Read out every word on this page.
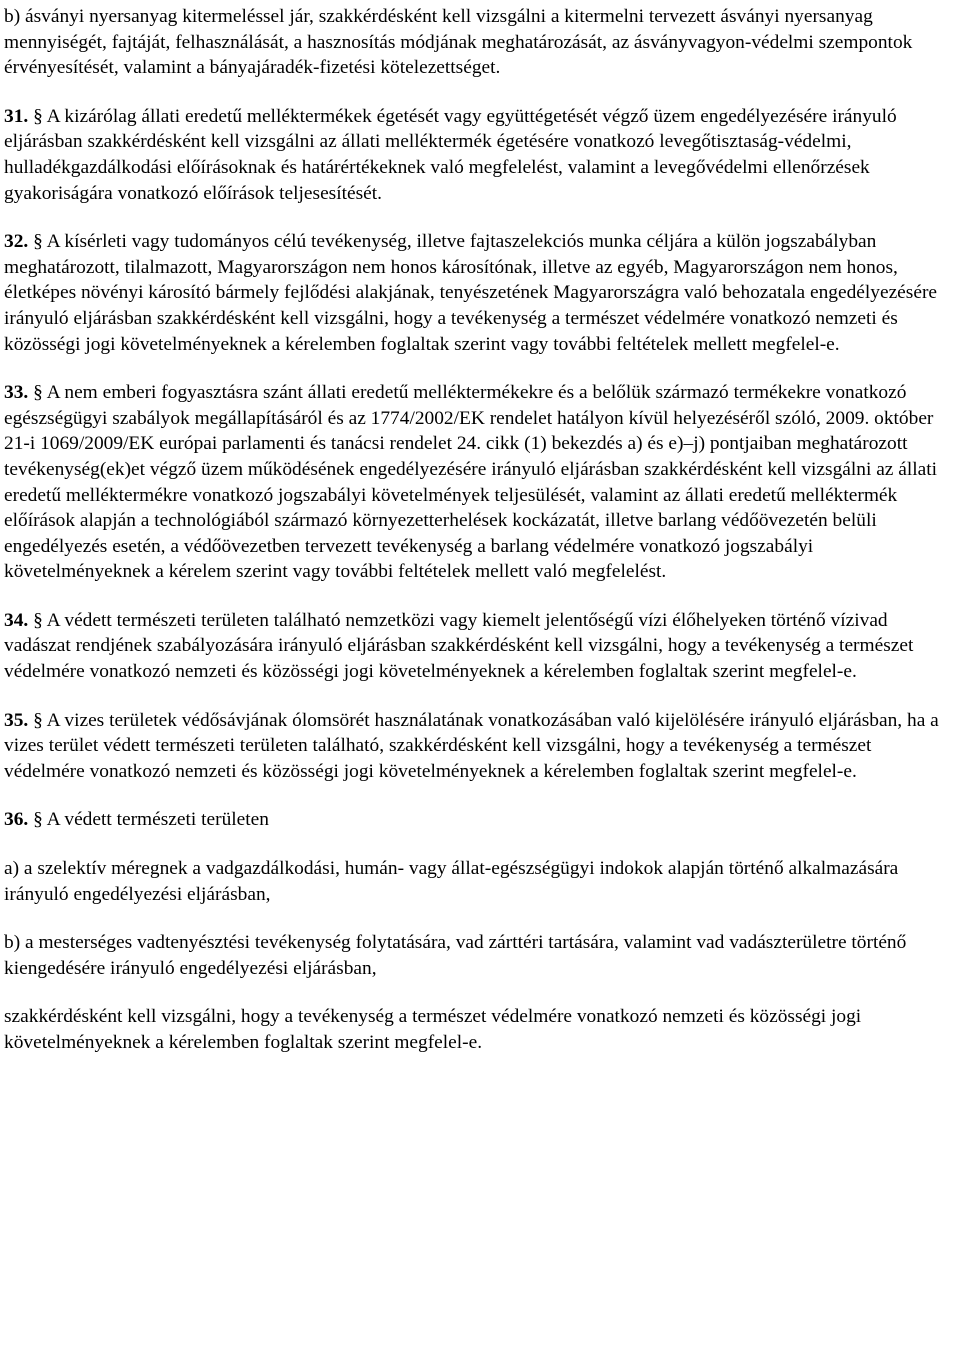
b) ásványi nyersanyag kitermeléssel jár, szakkérdésként kell vizsgálni a kitermelni tervezett ásványi nyersanyag mennyiségét, fajtáját, felhasználását, a hasznosítás módjának meghatározását, az ásványvagyon-védelmi szempontok érvényesítését, valamint a bányajáradék-fizetési kötelezettséget.

31. § A kizárólag állati eredetű melléktermékek égetését vagy együttégetését végző üzem engedélyezésére irányuló eljárásban szakkérdésként kell vizsgálni az állati melléktermék égetésére vonatkozó levegőtisztaság-védelmi, hulladékgazdálkodási előírásoknak és határértékeknek való megfelelést, valamint a levegővédelmi ellenőrzések gyakoriságára vonatkozó előírások teljesesítését.

32. § A kísérleti vagy tudományos célú tevékenység, illetve fajtaszelekciós munka céljára a külön jogszabályban meghatározott, tilalmazott, Magyarországon nem honos károsítónak, illetve az egyéb, Magyarországon nem honos, életképes növényi károsító bármely fejlődési alakjának, tenyészetének Magyarországra való behozatala engedélyezésére irányuló eljárásban szakkérdésként kell vizsgálni, hogy a tevékenység a természet védelmére vonatkozó nemzeti és közösségi jogi követelményeknek a kérelemben foglaltak szerint vagy további feltételek mellett megfelel-e.

33. § A nem emberi fogyasztásra szánt állati eredetű melléktermékekre és a belőlük származó termékekre vonatkozó egészségügyi szabályok megállapításáról és az 1774/2002/EK rendelet hatályon kívül helyezéséről szóló, 2009. október 21-i 1069/2009/EK európai parlamenti és tanácsi rendelet 24. cikk (1) bekezdés a) és e)–j) pontjaiban meghatározott tevékenység(ek)et végző üzem működésének engedélyezésére irányuló eljárásban szakkérdésként kell vizsgálni az állati eredetű melléktermékre vonatkozó jogszabályi követelmények teljesülését, valamint az állati eredetű melléktermék előírások alapján a technológiából származó környezetterhelések kockázatát, illetve barlang védőövezetén belüli engedélyezés esetén, a védőövezetben tervezett tevékenység a barlang védelmére vonatkozó jogszabályi követelményeknek a kérelem szerint vagy további feltételek mellett való megfelelést.

34. § A védett természeti területen található nemzetközi vagy kiemelt jelentőségű vízi élőhelyeken történő vízivad vadászat rendjének szabályozására irányuló eljárásban szakkérdésként kell vizsgálni, hogy a tevékenység a természet védelmére vonatkozó nemzeti és közösségi jogi követelményeknek a kérelemben foglaltak szerint megfelel-e.

35. § A vizes területek védősávjának ólomsörét használatának vonatkozásában való kijelölésére irányuló eljárásban, ha a vizes terület védett természeti területen található, szakkérdésként kell vizsgálni, hogy a tevékenység a természet védelmére vonatkozó nemzeti és közösségi jogi követelményeknek a kérelemben foglaltak szerint megfelel-e.

36. § A védett természeti területen

a) a szelektív méregnek a vadgazdálkodási, humán- vagy állat-egészségügyi indokok alapján történő alkalmazására irányuló engedélyezési eljárásban,

b) a mesterséges vadtenyésztési tevékenység folytatására, vad zárttéri tartására, valamint vad vadászterületre történő kiengedésére irányuló engedélyezési eljárásban,

szakkérdésként kell vizsgálni, hogy a tevékenység a természet védelmére vonatkozó nemzeti és közösségi jogi követelményeknek a kérelemben foglaltak szerint megfelel-e.
